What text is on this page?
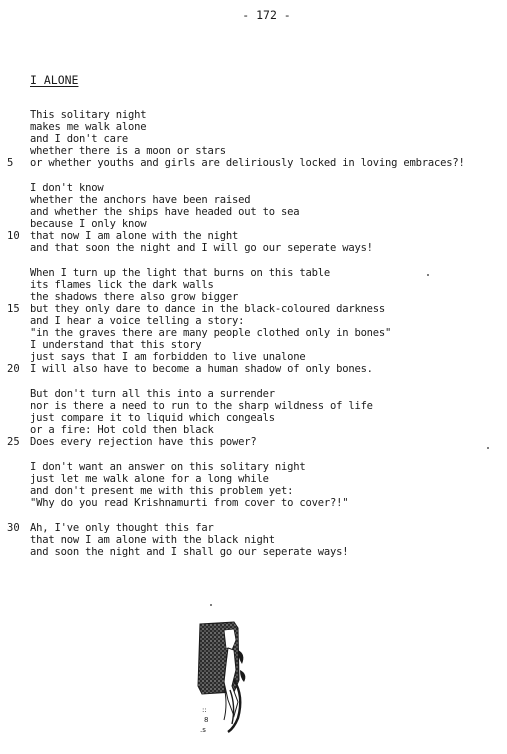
- 172 -
I ALONE
This solitary night
makes me walk alone
and I don't care
whether there is a moon or stars
5 or whether youths and girls are deliriously locked in loving embraces?!
I don't know
whether the anchors have been raised
and whether the ships have headed out to sea
because I only know
10 that now I am alone with the night
and that soon the night and I will go our seperate ways!
When I turn up the light that burns on this table
its flames lick the dark walls
the shadows there also grow bigger
15 but they only dare to dance in the black-coloured darkness
and I hear a voice telling a story:
"in the graves there are many people clothed only in bones"
I understand that this story
just says that I am forbidden to live unalone
20 I will also have to become a human shadow of only bones.
But don't turn all this into a surrender
nor is there a need to run to the sharp wildness of life
just compare it to liquid which congeals
or a fire: Hot cold then black
25 Does every rejection have this power?
I don't want an answer on this solitary night
just let me walk alone for a long while
and don't present me with this problem yet:
"Why do you read Krishnamurti from cover to cover?!"
30 Ah, I've only thought this far
that now I am alone with the black night
and soon the night and I shall go our seperate ways!
::
8
.s
